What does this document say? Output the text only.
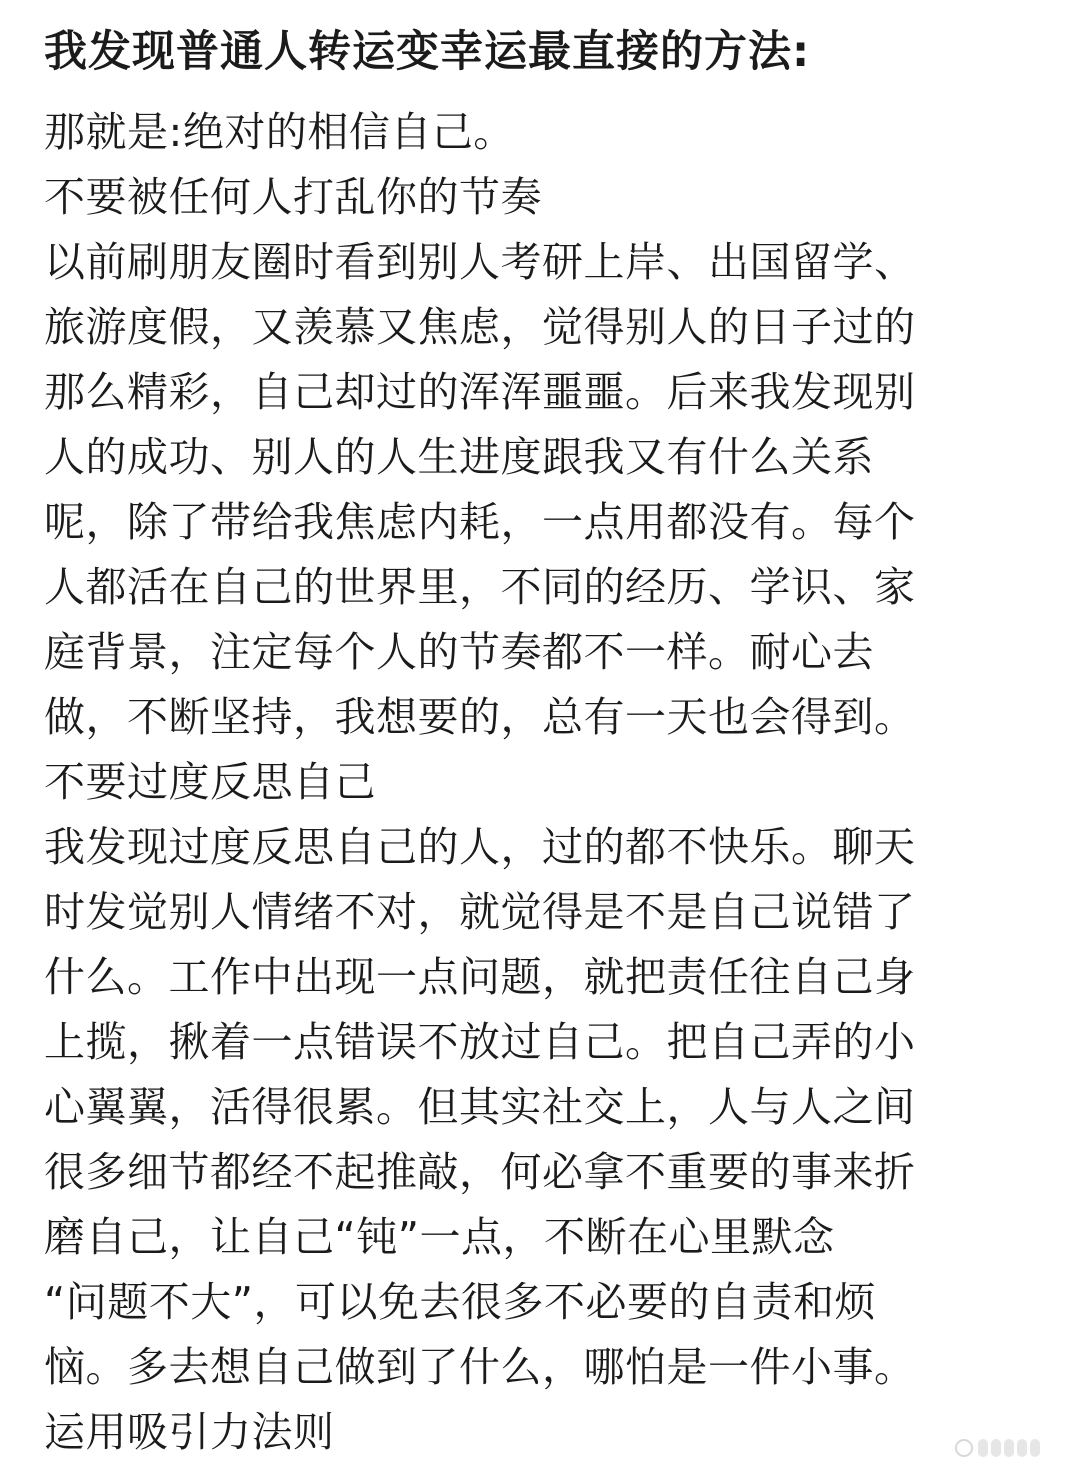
我发现普通人转运变幸运最直接的方法:
那就是:绝对的相信自己。
不要被任何人打乱你的节奏
以前刷朋友圈时看到别人考研上岸、出国留学、
旅游度假，又羡慕又焦虑，觉得别人的日子过的
那么精彩，自己却过的浑浑噩噩。后来我发现别
人的成功、别人的人生进度跟我又有什么关系
呢，除了带给我焦虑内耗，一点用都没有。每个
人都活在自己的世界里，不同的经历、学识、家
庭背景，注定每个人的节奏都不一样。耐心去
做，不断坚持，我想要的，总有一天也会得到。
不要过度反思自己
我发现过度反思自己的人，过的都不快乐。聊天
时发觉别人情绪不对，就觉得是不是自己说错了
什么。工作中出现一点问题，就把责任往自己身
上揽，揪着一点错误不放过自己。把自己弄的小
心翼翼，活得很累。但其实社交上，人与人之间
很多细节都经不起推敲，何必拿不重要的事来折
磨自己，让自己“钝”一点，不断在心里默念
“问题不大”，可以免去很多不必要的自责和烦
恼。多去想自己做到了什么，哪怕是一件小事。
运用吸引力法则
